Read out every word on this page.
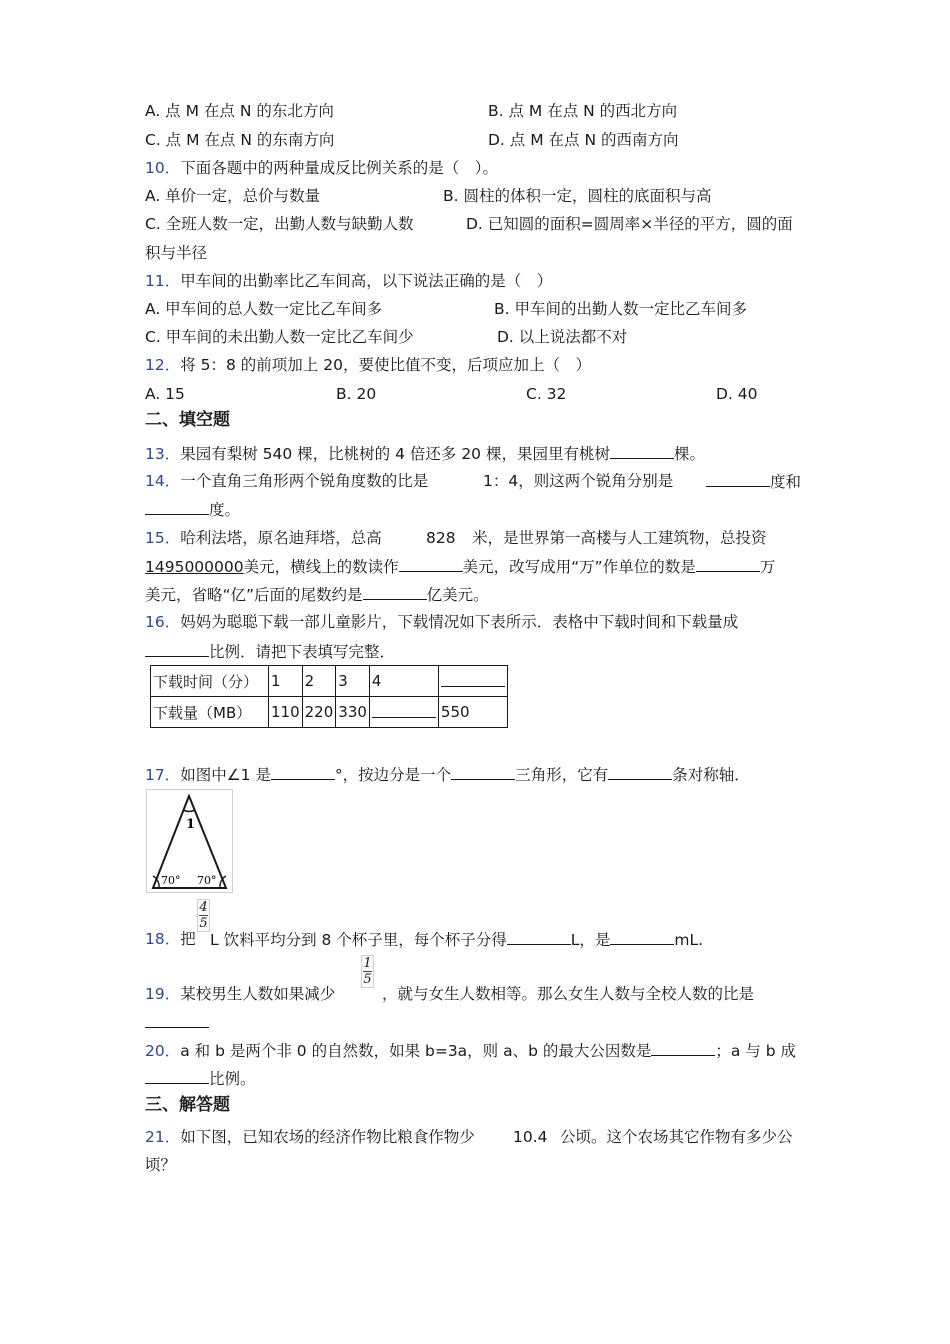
A. 点 M 在点 N 的东北方向	B. 点 M 在点 N 的西北方向
C. 点 M 在点 N 的东南方向	D. 点 M 在点 N 的西南方向
10．下面各题中的两种量成反比例关系的是（　）。
A. 单价一定，总价与数量	B. 圆柱的体积一定，圆柱的底面积与高
C. 全班人数一定，出勤人数与缺勤人数	D. 已知圆的面积=圆周率×半径的平方，圆的面
积与半径
11．甲车间的出勤率比乙车间高，以下说法正确的是（　）
A. 甲车间的总人数一定比乙车间多	B. 甲车间的出勤人数一定比乙车间多
C. 甲车间的未出勤人数一定比乙车间少	D. 以上说法都不对
12．将 5：8 的前项加上 20，要使比值不变，后项应加上（　）
A. 15	B. 20	C. 32	D. 40
二、填空题
13．果园有梨树 540 棵，比桃树的 4 倍还多 20 棵，果园里有桃树	棵。
14．一个直角三角形两个锐角度数的比是	1：4，则这两个锐角分别是	度和
度。
15．哈利法塔，原名迪拜塔，总高	828 米，是世界第一高楼与人工建筑物，总投资
1495000000美元，横线上的数读作	美元，改写成用“万”作单位的数是	万
美元，省略“亿”后面的尾数约是	亿美元。
16．妈妈为聪聪下载一部儿童影片，下载情况如下表所示．表格中下载时间和下载量成
比例．请把下表填写完整．
下载时间（分）	1	2	3	4	
下载量（MB）	110	220	330		550
17．如图中∠1 是	°，按边分是一个	三角形，它有	条对称轴．
1
70° 70°
4
5
18．把 L 饮料平均分到 8 个杯子里，每个杯子分得	L，是	mL.
1
5
19．某校男生人数如果减少	，就与女生人数相等。那么女生人数与全校人数的比是
20．a 和 b 是两个非 0 的自然数，如果 b=3a，则 a、b 的最大公因数是	；a 与 b 成
比例。
三、解答题
21．如下图，已知农场的经济作物比粮食作物少 10.4 公顷。这个农场其它作物有多少公
顷？
